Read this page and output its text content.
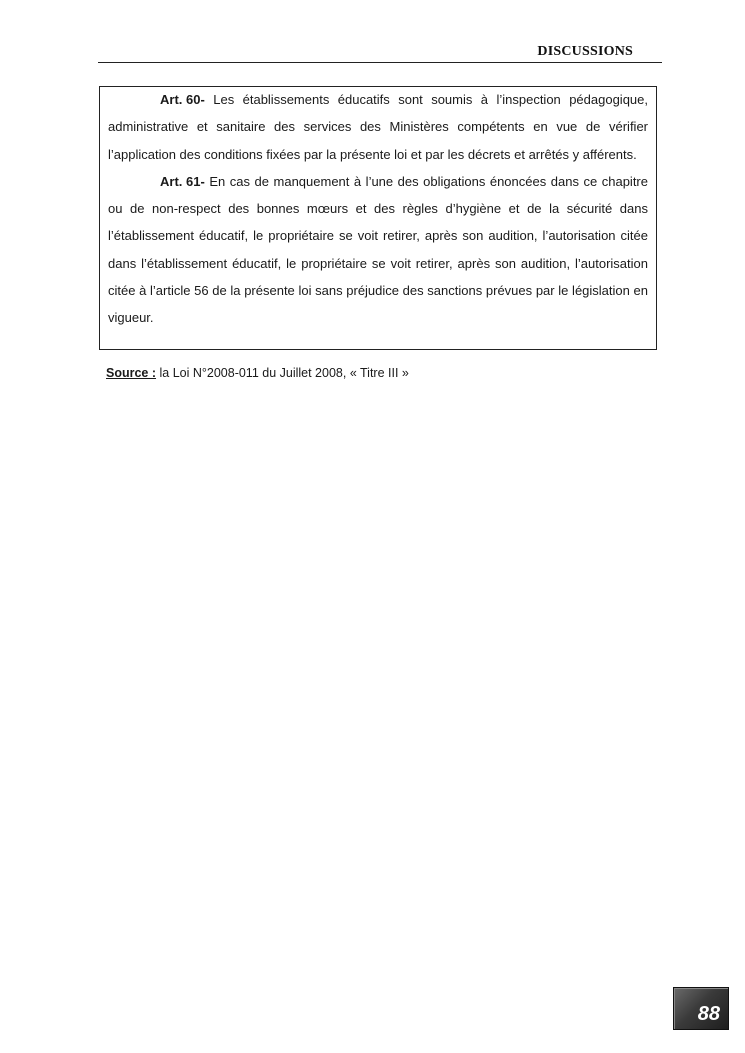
DISCUSSIONS

Art. 60- Les établissements éducatifs sont soumis à l’inspection pédagogique, administrative et sanitaire des services des Ministères compétents en vue de vérifier l’application des conditions fixées par la présente loi et par les décrets et arrêtés y afférents.

Art. 61- En cas de manquement à l’une des obligations énoncées dans ce chapitre ou de non-respect des bonnes mœurs et des règles d’hygiène et de la sécurité dans l’établissement éducatif, le propriétaire se voit retirer, après son audition, l’autorisation citée dans l’établissement éducatif, le propriétaire se voit retirer, après son audition, l’autorisation citée à l’article 56 de la présente loi sans préjudice des sanctions prévues par le législation en vigueur.

Source : la Loi N°2008-011 du Juillet 2008, « Titre III »
88
